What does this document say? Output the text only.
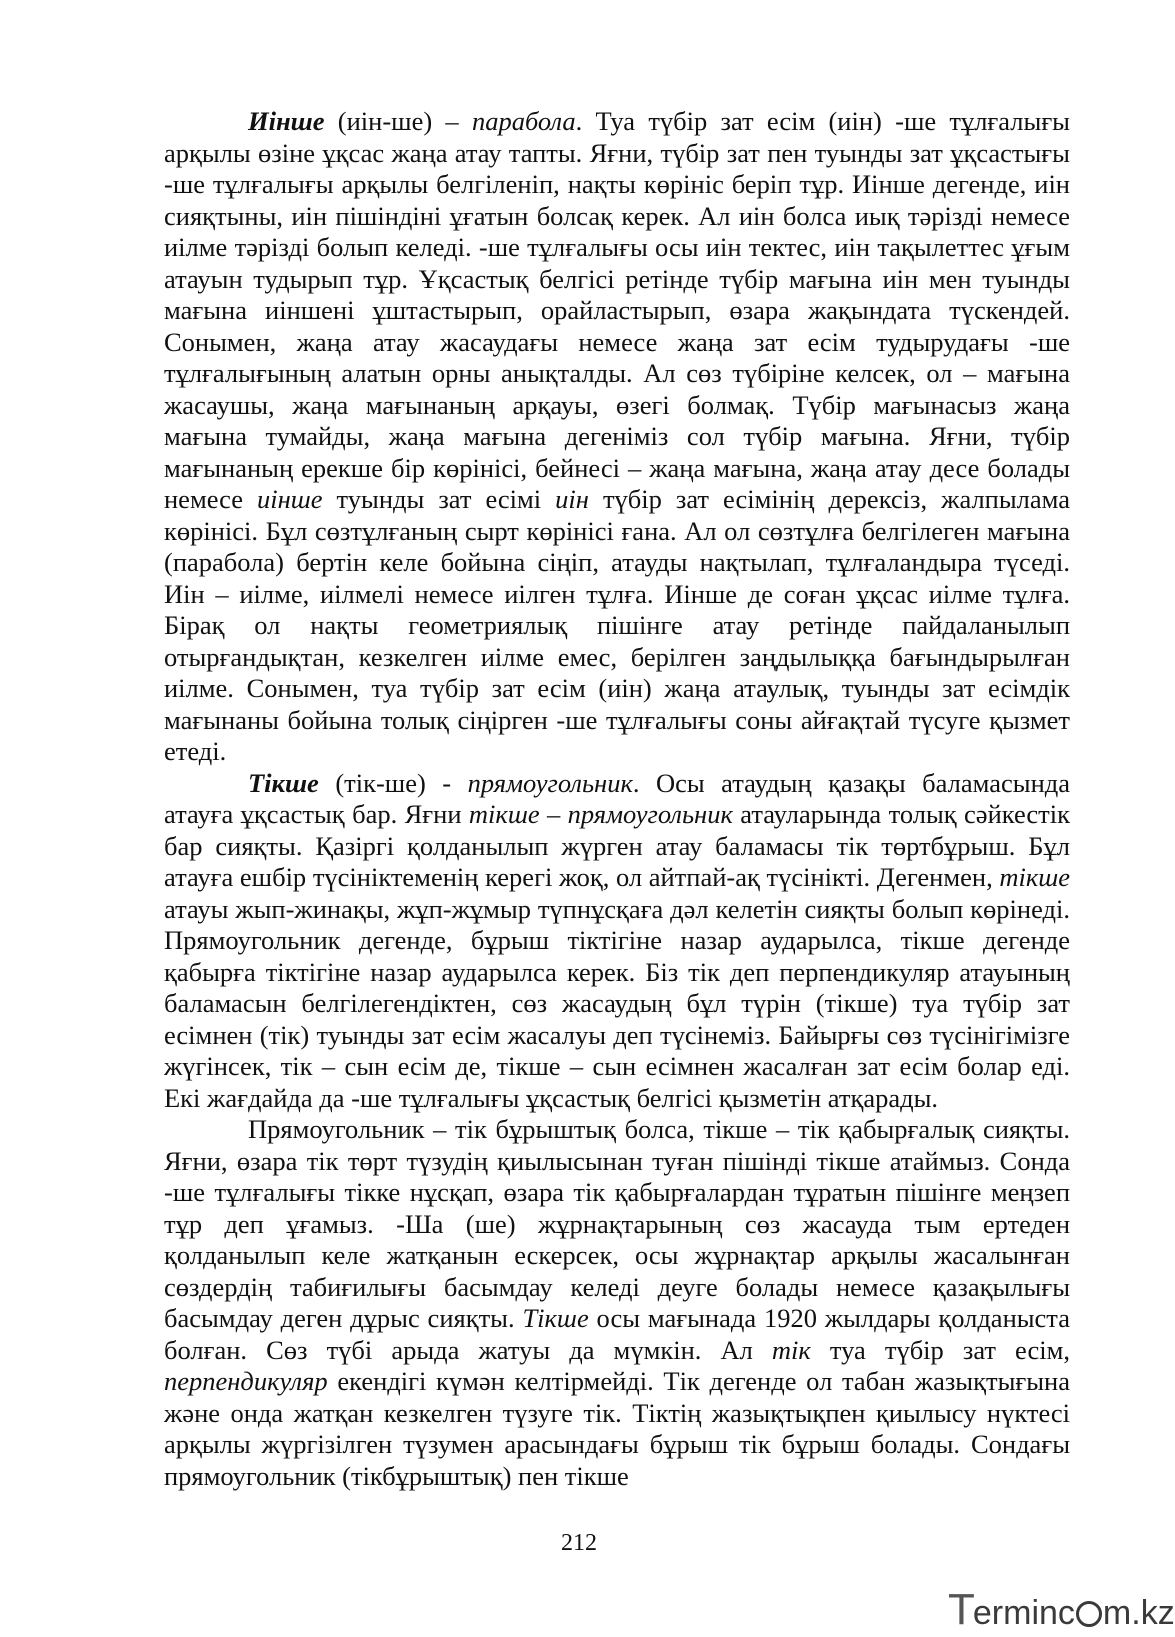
Иінше (иін-ше) – парабола. Туа түбір зат есім (иін) -ше тұлғалығы арқылы өзіне ұқсас жаңа атау тапты. Яғни, түбір зат пен туынды зат ұқсастығы -ше тұлғалығы арқылы белгіленіп, нақты көрініс беріп тұр. Иінше дегенде, иін сияқтыны, иін пішіндіні ұғатын болсақ керек. Ал иін болса иық тәрізді немесе иілме тәрізді болып келеді. -ше тұлғалығы осы иін тектес, иін тақылеттес ұғым атауын тудырып тұр. Ұқсастық белгісі ретінде түбір мағына иін мен туынды мағына иіншені ұштастырып, орайластырып, өзара жақындата түскендей. Сонымен, жаңа атау жасаудағы немесе жаңа зат есім тудырудағы -ше тұлғалығының алатын орны анықталды. Ал сөз түбіріне келсек, ол – мағына жасаушы, жаңа мағынаның арқауы, өзегі болмақ. Түбір мағынасыз жаңа мағына тумайды, жаңа мағына дегеніміз сол түбір мағына. Яғни, түбір мағынаның ерекше бір көрінісі, бейнесі – жаңа мағына, жаңа атау десе болады немесе иінше туынды зат есімі иін түбір зат есімінің дерексіз, жалпылама көрінісі. Бұл сөзтұлғаның сырт көрінісі ғана. Ал ол сөзтұлға белгілеген мағына (парабола) бертін келе бойына сіңіп, атауды нақтылап, тұлғаландыра түседі. Иін – иілме, иілмелі немесе иілген тұлға. Иінше де соған ұқсас иілме тұлға. Бірақ ол нақты геометриялық пішінге атау ретінде пайдаланылып отырғандықтан, кезкелген иілме емес, берілген заңдылыққа бағындырылған иілме. Сонымен, туа түбір зат есім (иін) жаңа атаулық, туынды зат есімдік мағынаны бойына толық сіңірген -ше тұлғалығы соны айғақтай түсуге қызмет етеді.

Тікше (тік-ше) - прямоугольник. Осы атаудың қазақы баламасында атауға ұқсастық бар. Яғни тікше – прямоугольник атауларында толық сәйкестік бар сияқты. Қазіргі қолданылып жүрген атау баламасы тік төртбұрыш. Бұл атауға ешбір түсініктеменің керегі жоқ, ол айтпай-ақ түсінікті. Дегенмен, тікше атауы жып-жинақы, жұп-жұмыр түпнұсқаға дәл келетін сияқты болып көрінеді. Прямоугольник дегенде, бұрыш тіктігіне назар аударылса, тікше дегенде қабырға тіктігіне назар аударылса керек. Біз тік деп перпендикуляр атауының баламасын белгілегендіктен, сөз жасаудың бұл түрін (тікше) туа түбір зат есімнен (тік) туынды зат есім жасалуы деп түсінеміз. Байырғы сөз түсінігімізге жүгінсек, тік – сын есім де, тікше – сын есімнен жасалған зат есім болар еді. Екі жағдайда да -ше тұлғалығы ұқсастық белгісі қызметін атқарады.

Прямоугольник – тік бұрыштық болса, тікше – тік қабырғалық сияқты. Яғни, өзара тік төрт түзудің қиылысынан туған пішінді тікше атаймыз. Сонда -ше тұлғалығы тікке нұсқап, өзара тік қабырғалардан тұратын пішінге меңзеп тұр деп ұғамыз. -Ша (ше) жұрнақтарының сөз жасауда тым ертеден қолданылып келе жатқанын ескерсек, осы жұрнақтар арқылы жасалынған сөздердің табиғилығы басымдау келеді деуге болады немесе қазақылығы басымдау деген дұрыс сияқты. Тікше осы мағынада 1920 жылдары қолданыста болған. Сөз түбі арыда жатуы да мүмкін. Ал тік туа түбір зат есім, перпендикуляр екендігі күмән келтірмейді. Тік дегенде ол табан жазықтығына және онда жатқан кезкелген түзуге тік. Тіктің жазықтықпен қиылысу нүктесі арқылы жүргізілген түзумен арасындағы бұрыш тік бұрыш болады. Сондағы прямоугольник (тікбұрыштық) пен тікше

212
T erminc m.kz
